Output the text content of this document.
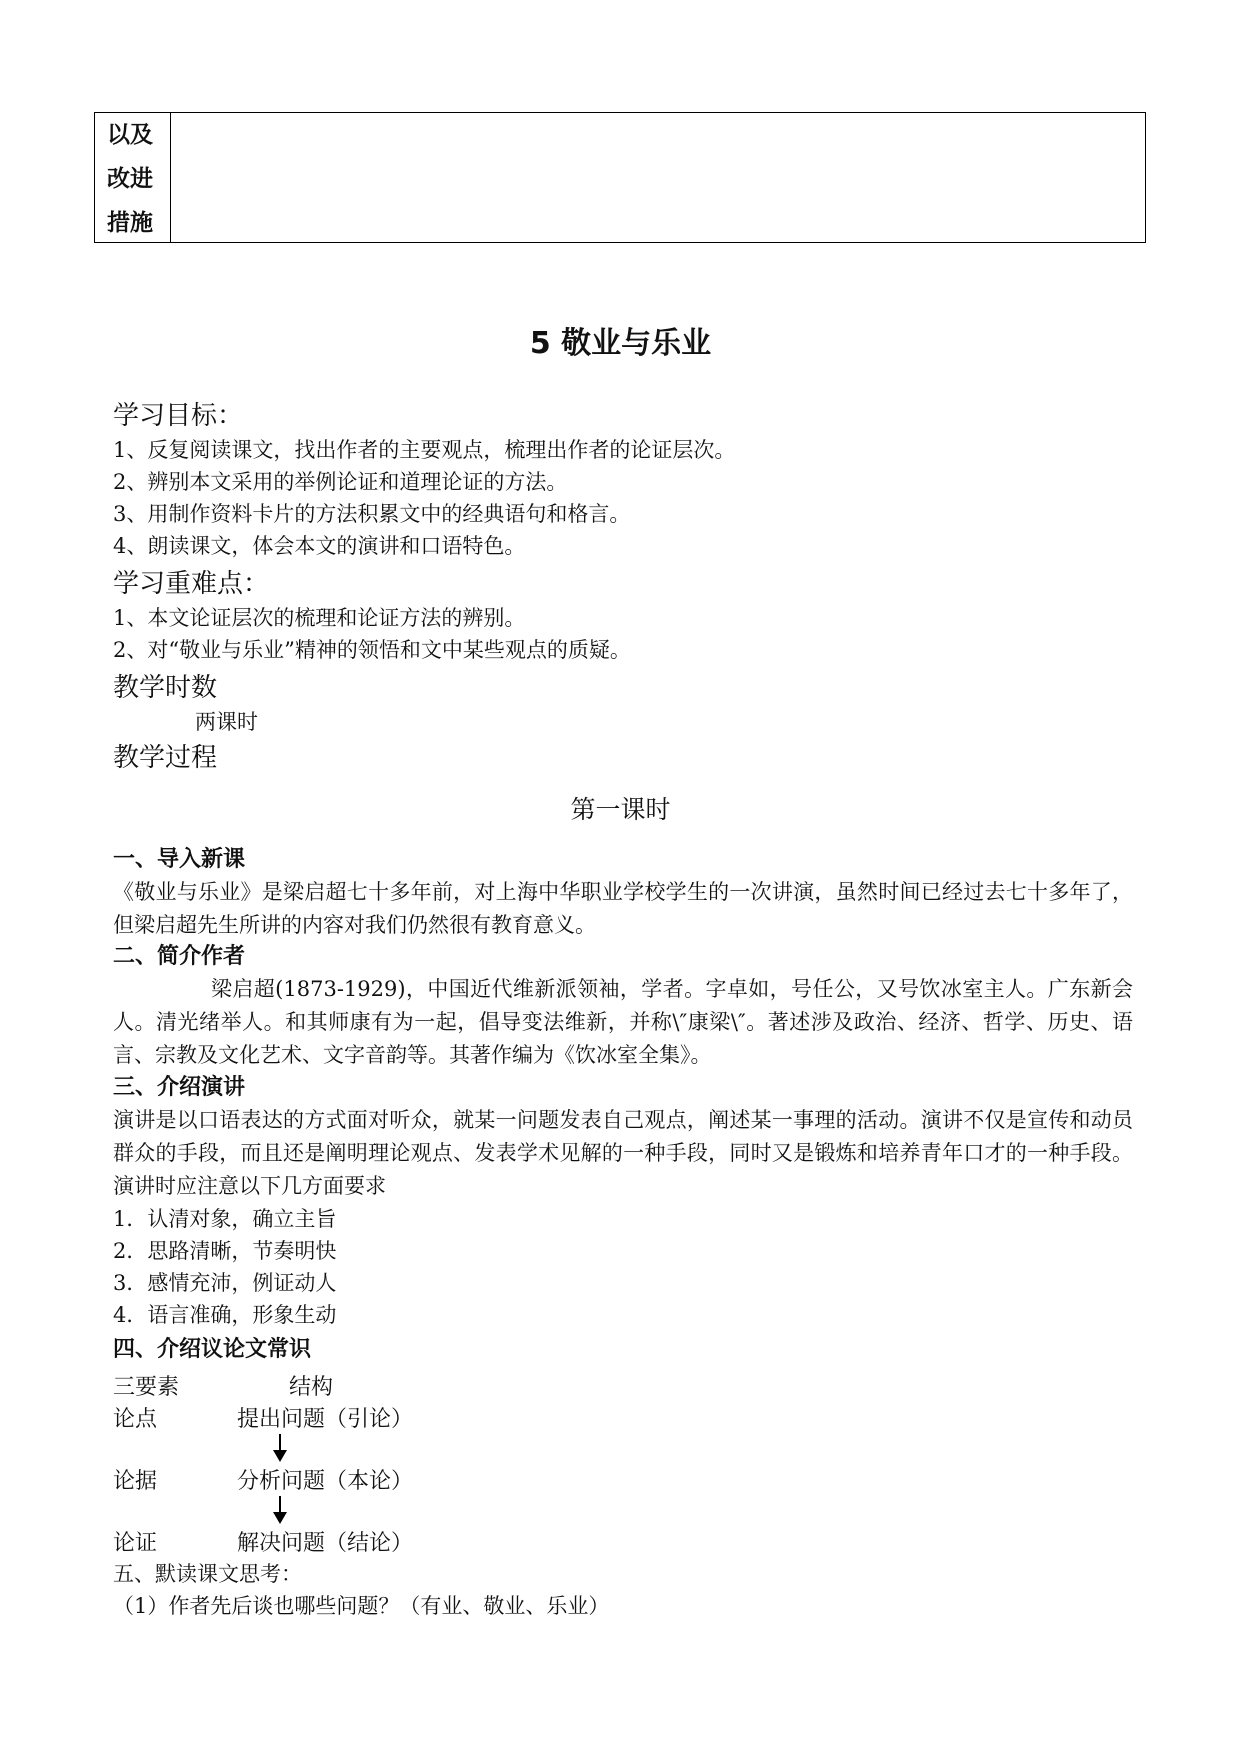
以及
改进
措施
5 敬业与乐业
学习目标：
1、反复阅读课文，找出作者的主要观点，梳理出作者的论证层次。
2、辨别本文采用的举例论证和道理论证的方法。
3、用制作资料卡片的方法积累文中的经典语句和格言。
4、朗读课文，体会本文的演讲和口语特色。
学习重难点：
1、本文论证层次的梳理和论证方法的辨别。
2、对“敬业与乐业”精神的领悟和文中某些观点的质疑。
教学时数
两课时
教学过程
第一课时
一、导入新课
《敬业与乐业》是梁启超七十多年前，对上海中华职业学校学生的一次讲演，虽然时间已经过去七十多年了，但梁启超先生所讲的内容对我们仍然很有教育意义。
二、简介作者
梁启超(1873-1929)，中国近代维新派领袖，学者。字卓如，号任公，又号饮冰室主人。广东新会人。清光绪举人。和其师康有为一起，倡导变法维新，并称\″康梁\″。著述涉及政治、经济、哲学、历史、语言、宗教及文化艺术、文字音韵等。其著作编为《饮冰室全集》。
三、介绍演讲
演讲是以口语表达的方式面对听众，就某一问题发表自己观点，阐述某一事理的活动。演讲不仅是宣传和动员群众的手段，而且还是阐明理论观点、发表学术见解的一种手段，同时又是锻炼和培养青年口才的一种手段。演讲时应注意以下几方面要求
1．认清对象，确立主旨
2．思路清晰，节奏明快
3．感情充沛，例证动人
4．语言准确，形象生动
四、介绍议论文常识
三要素	结构
论点	提出问题（引论）
论据	分析问题（本论）
论证	解决问题（结论）
五、默读课文思考：
（1）作者先后谈也哪些问题？（有业、敬业、乐业）
